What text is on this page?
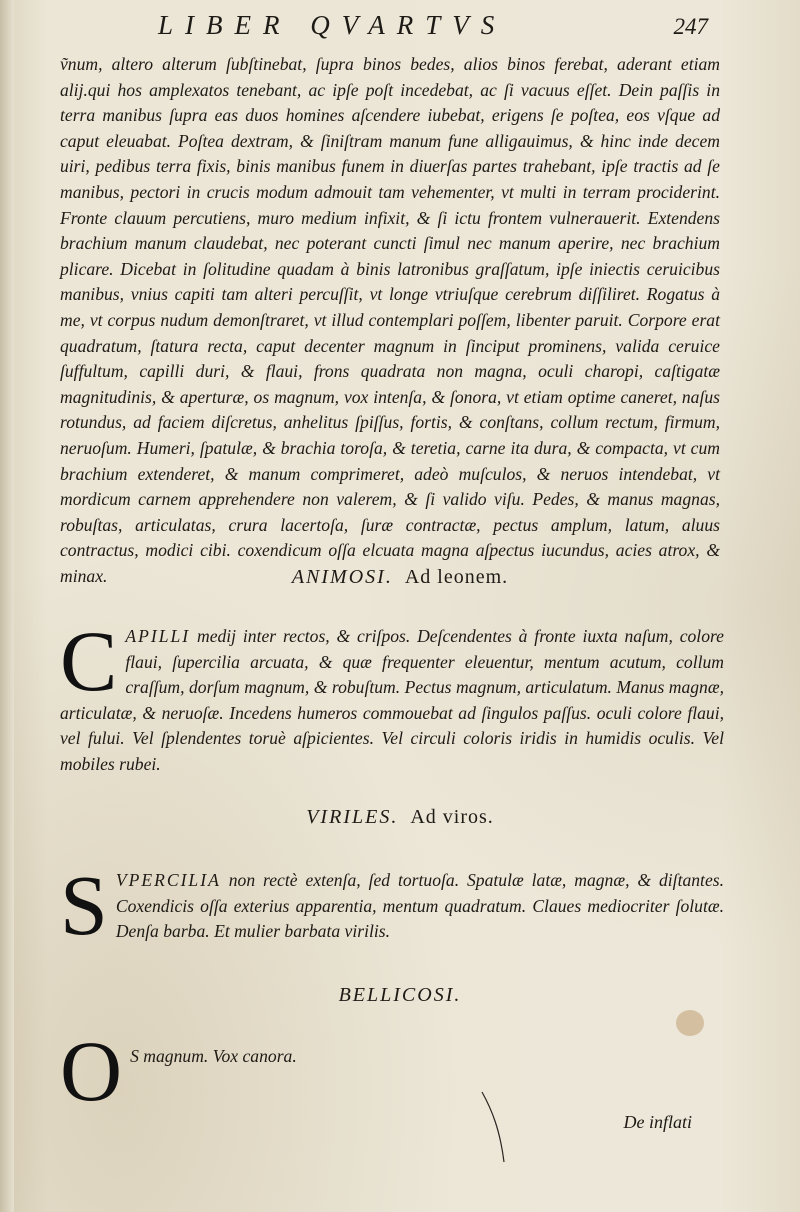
LIBER QVARTVS	247

ṽnum, altero alterum ſubſtinebat, ſupra binos bedes, alios binos ferebat, aderant etiam alij.qui hos amplexatos tenebant, ac ipſe poſt incedebat, ac ſi vacuus eſſet. Dein paſſis in terra manibus ſupra eas duos homines aſcendere iubebat, erigens ſe poſtea, eos vſque ad caput eleuabat. Poſtea dextram, & ſiniſtram manum fune alligauimus, & hinc inde decem uiri, pedibus terra fixis, binis manibus funem in diuerſas partes trahebant, ipſe tractis ad ſe manibus, pectori in crucis modum admouit tam vehementer, vt multi in terram prociderint. Fronte clauum percutiens, muro medium infixit, & ſi ictu frontem vulnerauerit. Extendens brachium manum claudebat, nec poterant cuncti ſimul nec manum aperire, nec brachium plicare. Dicebat in ſolitudine quadam à binis latronibus graſſatum, ipſe iniectis ceruicibus manibus, vnius capiti tam alteri percuſſit, vt longe vtriuſque cerebrum diſſiliret. Rogatus à me, vt corpus nudum demonſtraret, vt illud contemplari poſſem, libenter paruit. Corpore erat quadratum, ſtatura recta, caput decenter magnum in ſinciput prominens, valida ceruice ſuffultum, capilli duri, & flaui, frons quadrata non magna, oculi charopi, caſtigatæ magnitudinis, & aperturæ, os magnum, vox intenſa, & ſonora, vt etiam optime caneret, naſus rotundus, ad faciem diſcretus, anhelitus ſpiſſus, fortis, & conſtans, collum rectum, firmum, neruoſum. Humeri, ſpatulæ, & brachia toroſa, & teretia, carne ita dura, & compacta, vt cum brachium extenderet, & manum comprimeret, adeò muſculos, & neruos intendebat, vt mordicum carnem apprehendere non valerem, & ſi valido viſu. Pedes, & manus magnas, robuſtas, articulatas, crura lacertoſa, ſuræ contractæ, pectus amplum, latum, aluus contractus, modici cibi. coxendicum oſſa elcuata magna aſpectus iucundus, acies atrox, & minax.	ANIMOSI. Ad leonem.
C APILLI medij inter rectos, & criſpos. Deſcendentes à fronte iuxta naſum, colore flaui, ſupercilia arcuata, & quæ frequenter eleuentur, mentum acutum, collum craſſum, dorſum magnum, & robuſtum. Pectus magnum, articulatum. Manus magnæ, articulatæ, & neruoſæ. Incedens humeros commouebat ad ſingulos paſſus. oculi colore flaui, vel fului. Vel ſplendentes toruè aſpicientes. Vel circuli coloris iridis in humidis oculis. Vel mobiles rubei.

VIRILES. Ad viros.
S VPERCILIA non rectè extenſa, ſed tortuoſa. Spatulæ latæ, magnæ, & diſtantes. Coxendicis oſſa exterius apparentia, mentum quadratum. Claues mediocriter ſolutæ. Denſa barba. Et mulier barbata virilis.

BELLICOSI.
O S magnum. Vox canora.

De inflati
